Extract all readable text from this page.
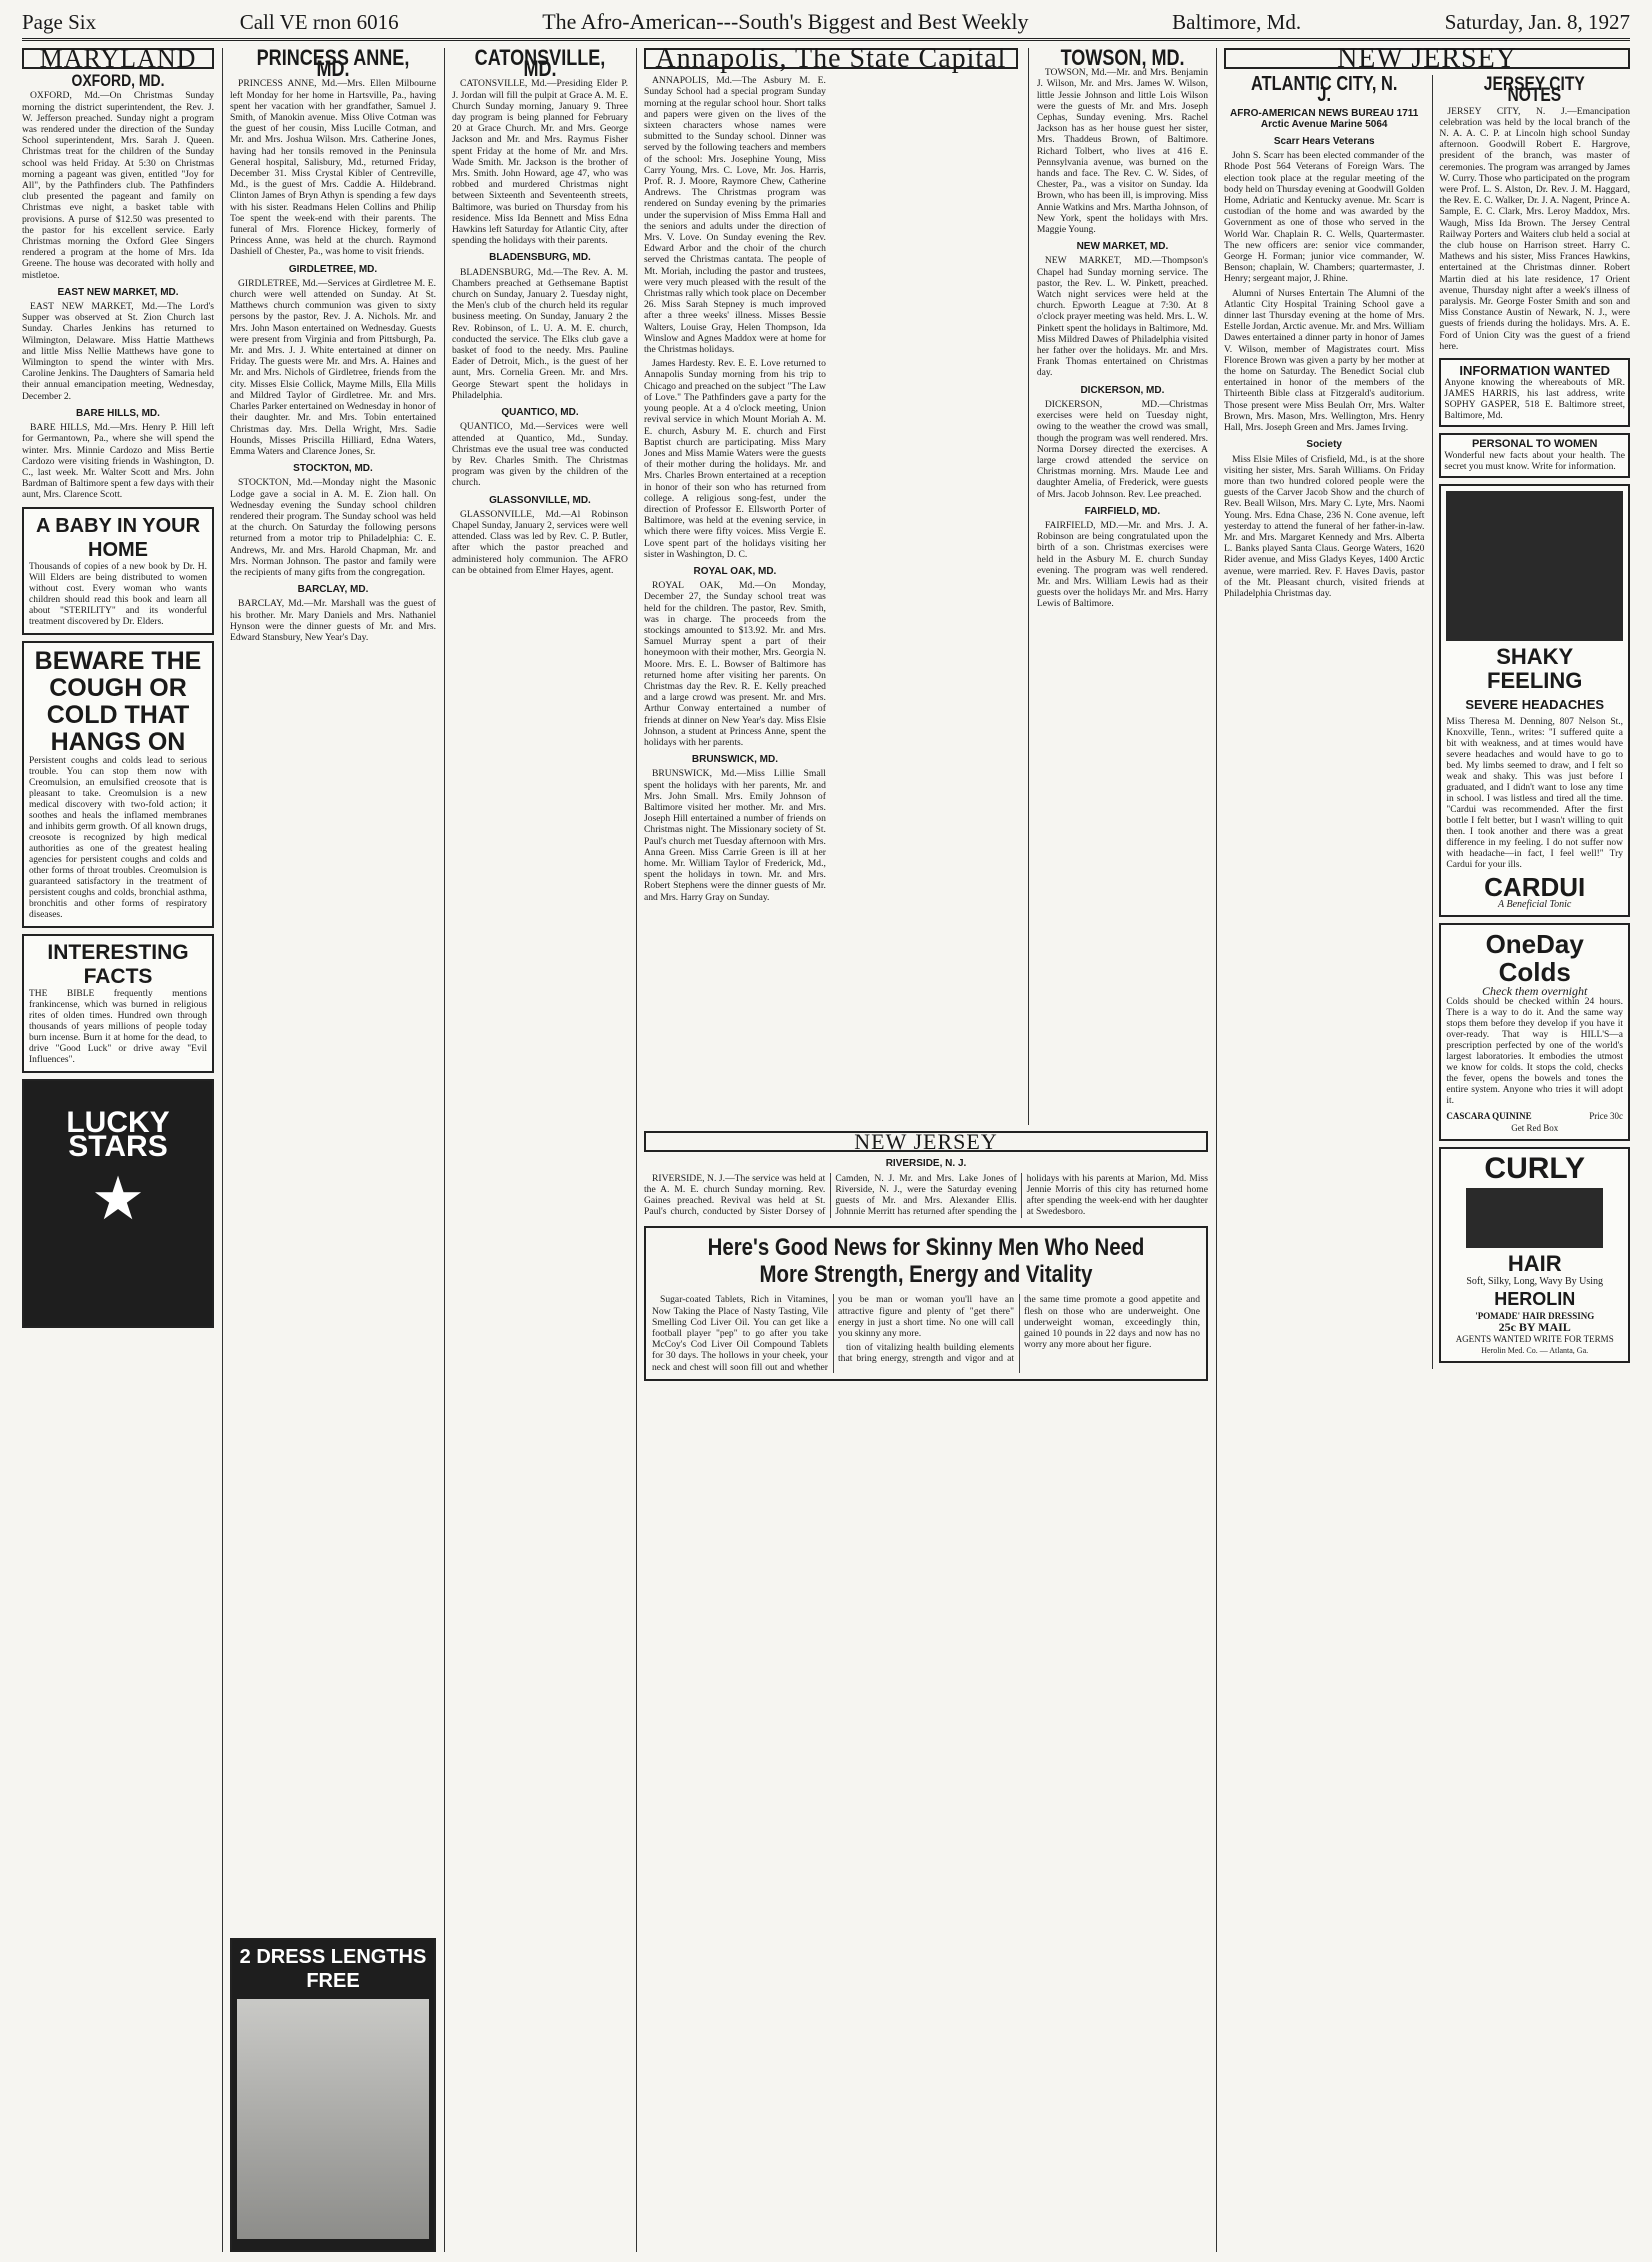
Page Six	Call VE rnon 6016	The Afro-American---South's Biggest and Best Weekly	Baltimore, Md.	Saturday, Jan. 8, 1927
MARYLAND
OXFORD, MD.

OXFORD, Md.—On Christmas Sunday morning the district superintendent, the Rev. J. W. Jefferson preached. Sunday night a program was rendered under the direction of the Sunday School superintendent, Mrs. Sarah J. Queen. Christmas treat for the children of the Sunday school was held Friday. At 5:30 on Christmas morning a pageant was given, entitled "Joy for All", by the Pathfinders club. The Pathfinders club presented the pageant and family on Christmas eve night, a basket table with provisions. A purse of $12.50 was presented to the pastor for his excellent service. Early Christmas morning the Oxford Glee Singers rendered a program at the home of Mrs. Ida Greene. The house was decorated with holly and mistletoe.

EAST NEW MARKET, MD.

EAST NEW MARKET, Md.—The Lord's Supper was observed at St. Zion Church last Sunday. Charles Jenkins has returned to Wilmington, Delaware. Miss Hattie Matthews and little Miss Nellie Matthews have gone to Wilmington to spend the winter with Mrs. Caroline Jenkins. The Daughters of Samaria held their annual emancipation meeting, Wednesday, December 2.

BARE HILLS, MD.

BARE HILLS, Md.—Mrs. Henry P. Hill left for Germantown, Pa., where she will spend the winter. Mrs. Minnie Cardozo and Miss Bertie Cardozo were visiting friends in Washington, D. C., last week. Mr. Walter Scott and Mrs. John Bardman of Baltimore spent a few days with their aunt, Mrs. Clarence Scott.

A BABY IN YOUR HOME
Thousands of copies of a new book by Dr. H. Will Elders are being distributed to women without cost. Every woman who wants children should read this book and learn all about "STERILITY" and its wonderful treatment discovered by Dr. Elders.
BEWARE THE COUGH OR COLD THAT HANGS ON
Persistent coughs and colds lead to serious trouble. You can stop them now with Creomulsion, an emulsified creosote that is pleasant to take. Creomulsion is a new medical discovery with two-fold action; it soothes and heals the inflamed membranes and inhibits germ growth. Of all known drugs, creosote is recognized by high medical authorities as one of the greatest healing agencies for persistent coughs and colds and other forms of throat troubles. Creomulsion is guaranteed satisfactory in the treatment of persistent coughs and colds, bronchial asthma, bronchitis and other forms of respiratory diseases.
INTERESTING FACTS
THE BIBLE frequently mentions frankincense, which was burned in religious rites of olden times. Hundred own through thousands of years millions of people today burn incense. Burn it at home for the dead, to drive "Good Luck" or drive away "Evil Influences".
LUCKY STARS
★
PRINCESS ANNE, MD.

PRINCESS ANNE, Md.—Mrs. Ellen Milbourne left Monday for her home in Hartsville, Pa., having spent her vacation with her grandfather, Samuel J. Smith, of Manokin avenue. Miss Olive Cotman was the guest of her cousin, Miss Lucille Cotman, and Mr. and Mrs. Joshua Wilson. Mrs. Catherine Jones, having had her tonsils removed in the Peninsula General hospital, Salisbury, Md., returned Friday, December 31. Miss Crystal Kibler of Centreville, Md., is the guest of Mrs. Caddie A. Hildebrand. Clinton James of Bryn Athyn is spending a few days with his sister. Readmans Helen Collins and Philip Toe spent the week-end with their parents. The funeral of Mrs. Florence Hickey, formerly of Princess Anne, was held at the church. Raymond Dashiell of Chester, Pa., was home to visit friends.

GIRDLETREE, MD.

GIRDLETREE, Md.—Services at Girdletree M. E. church were well attended on Sunday. At St. Matthews church communion was given to sixty persons by the pastor, Rev. J. A. Nichols. Mr. and Mrs. John Mason entertained on Wednesday. Guests were present from Virginia and from Pittsburgh, Pa. Mr. and Mrs. J. J. White entertained at dinner on Friday. The guests were Mr. and Mrs. A. Haines and Mr. and Mrs. Nichols of Girdletree, friends from the city. Misses Elsie Collick, Mayme Mills, Ella Mills and Mildred Taylor of Girdletree. Mr. and Mrs. Charles Parker entertained on Wednesday in honor of their daughter. Mr. and Mrs. Tobin entertained Christmas day. Mrs. Della Wright, Mrs. Sadie Hounds, Misses Priscilla Hilliard, Edna Waters, Emma Waters and Clarence Jones, Sr.

STOCKTON, MD.

STOCKTON, Md.—Monday night the Masonic Lodge gave a social in A. M. E. Zion hall. On Wednesday evening the Sunday school children rendered their program. The Sunday school was held at the church. On Saturday the following persons returned from a motor trip to Philadelphia: C. E. Andrews, Mr. and Mrs. Harold Chapman, Mr. and Mrs. Norman Johnson. The pastor and family were the recipients of many gifts from the congregation.

BARCLAY, MD.

BARCLAY, Md.—Mr. Marshall was the guest of his brother. Mr. Mary Daniels and Mrs. Nathaniel Hynson were the dinner guests of Mr. and Mrs. Edward Stansbury, New Year's Day.

2 DRESS LENGTHS FREE
CATONSVILLE, MD.

CATONSVILLE, Md.—Presiding Elder P. J. Jordan will fill the pulpit at Grace A. M. E. Church Sunday morning, January 9. Three day program is being planned for February 20 at Grace Church. Mr. and Mrs. George Jackson and Mr. and Mrs. Raymus Fisher spent Friday at the home of Mr. and Mrs. Wade Smith. Mr. Jackson is the brother of Mrs. Smith. John Howard, age 47, who was robbed and murdered Christmas night between Sixteenth and Seventeenth streets, Baltimore, was buried on Thursday from his residence. Miss Ida Bennett and Miss Edna Hawkins left Saturday for Atlantic City, after spending the holidays with their parents.

BLADENSBURG, MD.

BLADENSBURG, Md.—The Rev. A. M. Chambers preached at Gethsemane Baptist church on Sunday, January 2. Tuesday night, the Men's club of the church held its regular business meeting. On Sunday, January 2 the Rev. Robinson, of L. U. A. M. E. church, conducted the service. The Elks club gave a basket of food to the needy. Mrs. Pauline Eader of Detroit, Mich., is the guest of her aunt, Mrs. Cornelia Green. Mr. and Mrs. George Stewart spent the holidays in Philadelphia.

QUANTICO, MD.

QUANTICO, Md.—Services were well attended at Quantico, Md., Sunday. Christmas eve the usual tree was conducted by Rev. Charles Smith. The Christmas program was given by the children of the church.

GLASSONVILLE, MD.

GLASSONVILLE, Md.—Al Robinson Chapel Sunday, January 2, services were well attended. Class was led by Rev. C. P. Butler, after which the pastor preached and administered holy communion. The AFRO can be obtained from Elmer Hayes, agent.

Annapolis, The State Capital

ANNAPOLIS, Md.—The Asbury M. E. Sunday School had a special program Sunday morning at the regular school hour. Short talks and papers were given on the lives of the sixteen characters whose names were submitted to the Sunday school. Dinner was served by the following teachers and members of the school: Mrs. Josephine Young, Miss Carry Young, Mrs. C. Love, Mr. Jos. Harris, Prof. R. J. Moore, Raymore Chew, Catherine Andrews. The Christmas program was rendered on Sunday evening by the primaries under the supervision of Miss Emma Hall and the seniors and adults under the direction of Mrs. V. Love. On Sunday evening the Rev. Edward Arbor and the choir of the church served the Christmas cantata. The people of Mt. Moriah, including the pastor and trustees, were very much pleased with the result of the Christmas rally which took place on December 26. Miss Sarah Stepney is much improved after a three weeks' illness. Misses Bessie Walters, Louise Gray, Helen Thompson, Ida Winslow and Agnes Maddox were at home for the Christmas holidays.

James Hardesty. Rev. E. E. Love returned to Annapolis Sunday morning from his trip to Chicago and preached on the subject "The Law of Love." The Pathfinders gave a party for the young people. At a 4 o'clock meeting, Union revival service in which Mount Moriah A. M. E. church, Asbury M. E. church and First Baptist church are participating. Miss Mary Jones and Miss Mamie Waters were the guests of their mother during the holidays. Mr. and Mrs. Charles Brown entertained at a reception in honor of their son who has returned from college. A religious song-fest, under the direction of Professor E. Ellsworth Porter of Baltimore, was held at the evening service, in which there were fifty voices. Miss Vergie E. Love spent part of the holidays visiting her sister in Washington, D. C.

ROYAL OAK, MD.

ROYAL OAK, Md.—On Monday, December 27, the Sunday school treat was held for the children. The pastor, Rev. Smith, was in charge. The proceeds from the stockings amounted to $13.92. Mr. and Mrs. Samuel Murray spent a part of their honeymoon with their mother, Mrs. Georgia N. Moore. Mrs. E. L. Bowser of Baltimore has returned home after visiting her parents. On Christmas day the Rev. R. E. Kelly preached and a large crowd was present. Mr. and Mrs. Arthur Conway entertained a number of friends at dinner on New Year's day. Miss Elsie Johnson, a student at Princess Anne, spent the holidays with her parents.

BRUNSWICK, MD.

BRUNSWICK, Md.—Miss Lillie Small spent the holidays with her parents, Mr. and Mrs. John Small. Mrs. Emily Johnson of Baltimore visited her mother. Mr. and Mrs. Joseph Hill entertained a number of friends on Christmas night. The Missionary society of St. Paul's church met Tuesday afternoon with Mrs. Anna Green. Miss Carrie Green is ill at her home. Mr. William Taylor of Frederick, Md., spent the holidays in town. Mr. and Mrs. Robert Stephens were the dinner guests of Mr. and Mrs. Harry Gray on Sunday.

TOWSON, MD.

TOWSON, Md.—Mr. and Mrs. Benjamin J. Wilson, Mr. and Mrs. James W. Wilson, little Jessie Johnson and little Lois Wilson were the guests of Mr. and Mrs. Joseph Cephas, Sunday evening. Mrs. Rachel Jackson has as her house guest her sister, Mrs. Thaddeus Brown, of Baltimore. Richard Tolbert, who lives at 416 E. Pennsylvania avenue, was burned on the hands and face. The Rev. C. W. Sides, of Chester, Pa., was a visitor on Sunday. Ida Brown, who has been ill, is improving. Miss Annie Watkins and Mrs. Martha Johnson, of New York, spent the holidays with Mrs. Maggie Young.

NEW MARKET, MD.

NEW MARKET, MD.—Thompson's Chapel had Sunday morning service. The pastor, the Rev. L. W. Pinkett, preached. Watch night services were held at the church. Epworth League at 7:30. At 8 o'clock prayer meeting was held. Mrs. L. W. Pinkett spent the holidays in Baltimore, Md. Miss Mildred Dawes of Philadelphia visited her father over the holidays. Mr. and Mrs. Frank Thomas entertained on Christmas day.

DICKERSON, MD.

DICKERSON, MD.—Christmas exercises were held on Tuesday night, owing to the weather the crowd was small, though the program was well rendered. Mrs. Norma Dorsey directed the exercises. A large crowd attended the service on Christmas morning. Mrs. Maude Lee and daughter Amelia, of Frederick, were guests of Mrs. Jacob Johnson. Rev. Lee preached.

FAIRFIELD, MD.

FAIRFIELD, MD.—Mr. and Mrs. J. A. Robinson are being congratulated upon the birth of a son. Christmas exercises were held in the Asbury M. E. church Sunday evening. The program was well rendered. Mr. and Mrs. William Lewis had as their guests over the holidays Mr. and Mrs. Harry Lewis of Baltimore.

NEW JERSEY
RIVERSIDE, N. J.

RIVERSIDE, N. J.—The service was held at the A. M. E. church Sunday morning. Rev. Gaines preached. Revival was held at St. Paul's church, conducted by Sister Dorsey of Camden, N. J. Mr. and Mrs. Lake Jones of Riverside, N. J., were the Saturday evening guests of Mr. and Mrs. Alexander Ellis. Johnnie Merritt has returned after spending the holidays with his parents at Marion, Md. Miss Jennie Morris of this city has returned home after spending the week-end with her daughter at Swedesboro.

Here's Good News for Skinny Men Who Need More Strength, Energy and Vitality

Sugar-coated Tablets, Rich in Vitamines, Now Taking the Place of Nasty Tasting, Vile Smelling Cod Liver Oil. You can get like a football player "pep" to go after you take McCoy's Cod Liver Oil Compound Tablets for 30 days. The hollows in your cheek, your neck and chest will soon fill out and whether you be man or woman you'll have an attractive figure and plenty of "get there" energy in just a short time. No one will call you skinny any more.

tion of vitalizing health building elements that bring energy, strength and vigor and at the same time promote a good appetite and flesh on those who are underweight. One underweight woman, exceedingly thin, gained 10 pounds in 22 days and now has no worry any more about her figure.

NEW JERSEY
ATLANTIC CITY, N. J.
AFRO-AMERICAN NEWS BUREAU 1711 Arctic Avenue Marine 5064
Scarr Hears Veterans

John S. Scarr has been elected commander of the Rhode Post 564 Veterans of Foreign Wars. The election took place at the regular meeting of the body held on Thursday evening at Goodwill Golden Home, Adriatic and Kentucky avenue. Mr. Scarr is custodian of the home and was awarded by the Government as one of those who served in the World War. Chaplain R. C. Wells, Quartermaster. The new officers are: senior vice commander, George H. Forman; junior vice commander, W. Benson; chaplain, W. Chambers; quartermaster, J. Henry; sergeant major, J. Rhine.

Alumni of Nurses Entertain The Alumni of the Atlantic City Hospital Training School gave a dinner last Thursday evening at the home of Mrs. Estelle Jordan, Arctic avenue. Mr. and Mrs. William Dawes entertained a dinner party in honor of James V. Wilson, member of Magistrates court. Miss Florence Brown was given a party by her mother at the home on Saturday. The Benedict Social club entertained in honor of the members of the Thirteenth Bible class at Fitzgerald's auditorium. Those present were Miss Beulah Orr, Mrs. Walter Brown, Mrs. Mason, Mrs. Wellington, Mrs. Henry Hall, Mrs. Joseph Green and Mrs. James Irving.

Society

Miss Elsie Miles of Crisfield, Md., is at the shore visiting her sister, Mrs. Sarah Williams. On Friday more than two hundred colored people were the guests of the Carver Jacob Show and the church of Rev. Beall Wilson, Mrs. Mary C. Lyte, Mrs. Naomi Young. Mrs. Edna Chase, 236 N. Cone avenue, left yesterday to attend the funeral of her father-in-law. Mr. and Mrs. Margaret Kennedy and Mrs. Alberta L. Banks played Santa Claus. George Waters, 1620 Rider avenue, and Miss Gladys Keyes, 1400 Arctic avenue, were married. Rev. F. Haves Davis, pastor of the Mt. Pleasant church, visited friends at Philadelphia Christmas day.

JERSEY CITY NOTES

JERSEY CITY, N. J.—Emancipation celebration was held by the local branch of the N. A. A. C. P. at Lincoln high school Sunday afternoon. Goodwill Robert E. Hargrove, president of the branch, was master of ceremonies. The program was arranged by James W. Curry. Those who participated on the program were Prof. L. S. Alston, Dr. Rev. J. M. Haggard, the Rev. E. C. Walker, Dr. J. A. Nagent, Prince A. Sample, E. C. Clark, Mrs. Leroy Maddox, Mrs. Waugh, Miss Ida Brown. The Jersey Central Railway Porters and Waiters club held a social at the club house on Harrison street. Harry C. Mathews and his sister, Miss Frances Hawkins, entertained at the Christmas dinner. Robert Martin died at his late residence, 17 Orient avenue, Thursday night after a week's illness of paralysis. Mr. George Foster Smith and son and Miss Constance Austin of Newark, N. J., were guests of friends during the holidays. Mrs. A. E. Ford of Union City was the guest of a friend here.

INFORMATION WANTED
Anyone knowing the whereabouts of MR. JAMES HARRIS, his last address, write SOPHY GASPER, 518 E. Baltimore street, Baltimore, Md.
PERSONAL TO WOMEN
Wonderful new facts about your health. The secret you must know. Write for information.
SHAKY FEELING
SEVERE HEADACHES
Miss Theresa M. Denning, 807 Nelson St., Knoxville, Tenn., writes: "I suffered quite a bit with weakness, and at times would have severe headaches and would have to go to bed. My limbs seemed to draw, and I felt so weak and shaky. This was just before I graduated, and I didn't want to lose any time in school. I was listless and tired all the time. "Cardui was recommended. After the first bottle I felt better, but I wasn't willing to quit then. I took another and there was a great difference in my feeling. I do not suffer now with headache—in fact, I feel well!" Try Cardui for your ills.
CARDUI
A Beneficial Tonic
OneDay Colds
Check them overnight
Colds should be checked within 24 hours. There is a way to do it. And the same way stops them before they develop if you have it over-ready. That way is HILL'S—a prescription perfected by one of the world's largest laboratories. It embodies the utmost we know for colds. It stops the cold, checks the fever, opens the bowels and tones the entire system. Anyone who tries it will adopt it.
CASCARA QUININE	Price 30c
Get Red Box
CURLY
HAIR
Soft, Silky, Long, Wavy By Using
HEROLIN
'POMADE' HAIR DRESSING
25c BY MAIL
AGENTS WANTED WRITE FOR TERMS
Herolin Med. Co. — Atlanta, Ga.
